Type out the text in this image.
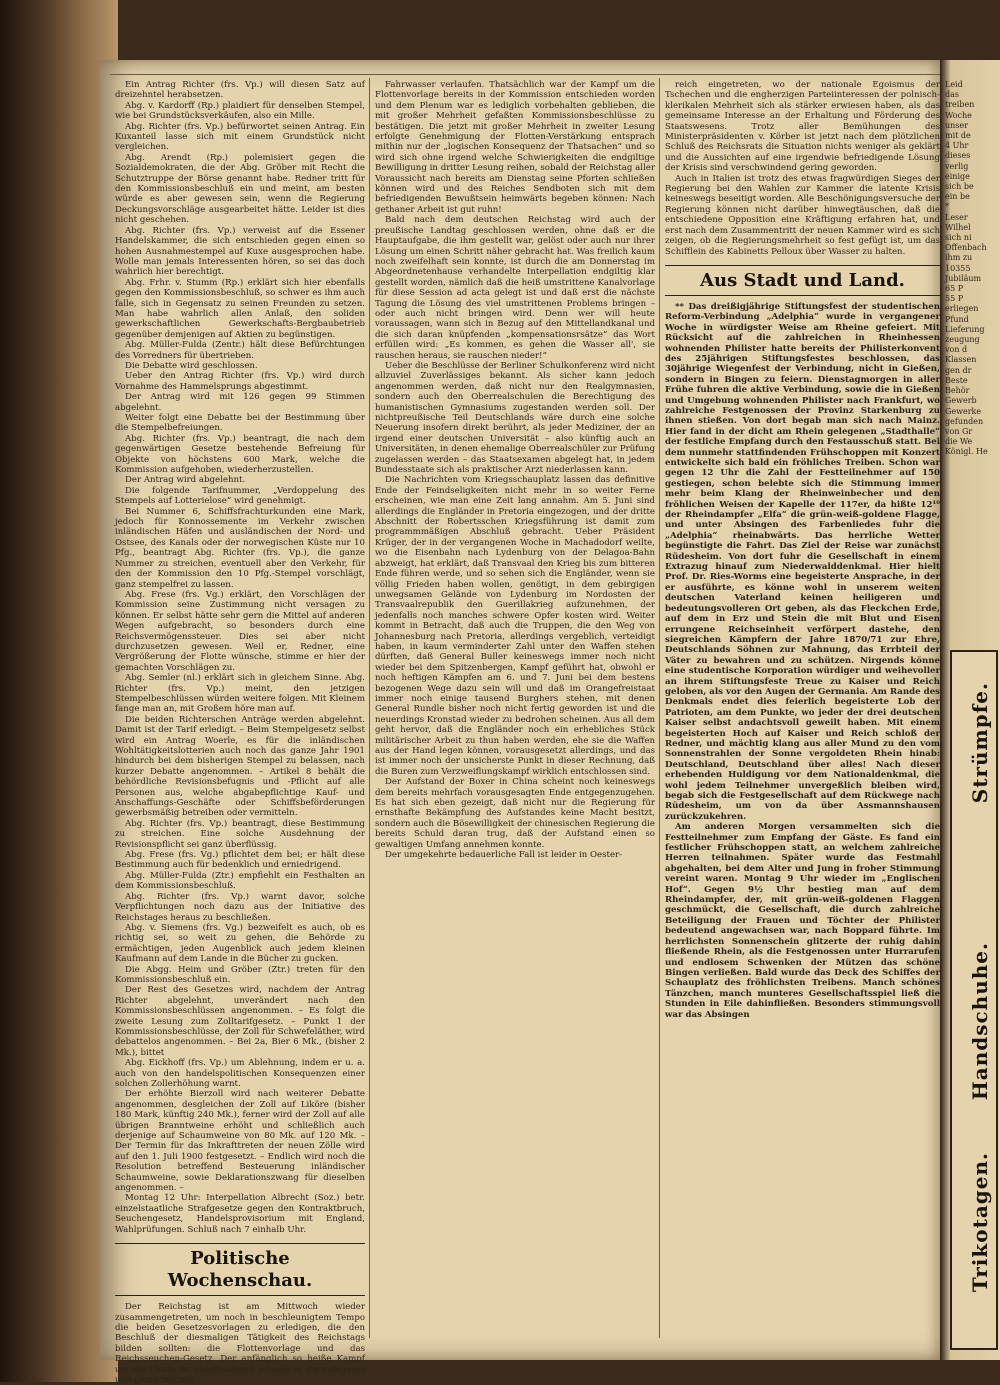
Ein Antrag Richter (frs. Vp.) will diesen Satz auf dreizehntel herabsetzen.

Abg. v. Kardorff (Rp.) plaidiert für denselben Stempel, wie bei Grundstücksverkäufen, also ein Mille.

Abg. Richter (frs. Vp.) befürwortet seinen Antrag. Ein Kuxanteil lasse sich mit einem Grundstück nicht vergleichen.

Abg. Arendt (Rp.) polemisiert gegen die Sozialdemokraten, die der Abg. Gröber mit Recht die Schutztruppe der Börse genannt habe. Redner tritt für den Kommissionsbeschluß ein und meint, am besten würde es aber gewesen sein, wenn die Regierung Deckungsvorschläge ausgearbeitet hätte. Leider ist dies nicht geschehen.

Abg. Richter (frs. Vp.) verweist auf die Essener Handelskammer, die sich entschieden gegen einen so hohen Ausnahmestempel auf Kuxe ausgesprochen habe. Wolle man jemals Interessenten hören, so sei das doch wahrlich hier berechtigt.

Abg. Frhr. v. Stumm (Rp.) erklärt sich hier ebenfalls gegen den Kommissionsbeschluß, so schwer es ihm auch falle, sich in Gegensatz zu seinen Freunden zu setzen. Man habe wahrlich allen Anlaß, den soliden gewerkschaftlichen Gewerkschafts-Bergbaubetrieb gegenüber demjenigen auf Aktien zu begünstigen.

Abg. Müller-Fulda (Zentr.) hält diese Befürchtungen des Vorredners für übertrieben.

Die Debatte wird geschlossen.

Ueber den Antrag Richter (frs. Vp.) wird durch Vornahme des Hammelsprungs abgestimmt.

Der Antrag wird mit 126 gegen 99 Stimmen abgelehnt.

Weiter folgt eine Debatte bei der Bestimmung über die Stempelbefreiungen.

Abg. Richter (frs. Vp.) beantragt, die nach dem gegenwärtigen Gesetze bestehende Befreiung für Objekte von höchstens 600 Mark, welche die Kommission aufgehoben, wiederherzustellen.

Der Antrag wird abgelehnt.

Die folgende Tarifnummer, „Verdoppelung des Stempels auf Lotterielose“ wird genehmigt.

Bei Nummer 6, Schiffsfrachturkunden eine Mark, jedoch für Konnossemente im Verkehr zwischen inländischen Häfen und ausländischen der Nord- und Ostsee, des Kanals oder der norwegischen Küste nur 10 Pfg., beantragt Abg. Richter (frs. Vp.), die ganze Nummer zu streichen, eventuell aber den Verkehr, für den der Kommission den 10 Pfg.-Stempel vorschlägt, ganz stempelfrei zu lassen.

Abg. Frese (frs. Vg.) erklärt, den Vorschlägen der Kommission seine Zustimmung nicht versagen zu können. Er selbst hätte sehr gern die Mittel auf anderen Wegen aufgebracht, so besonders durch eine Reichsvermögenssteuer. Dies sei aber nicht durchzusetzen gewesen. Weil er, Redner, eine Vergrößerung der Flotte wünsche, stimme er hier der gemachten Vorschlägen zu.

Abg. Semler (nl.) erklärt sich in gleichem Sinne. Abg. Richter (frs. Vp.) meint, den jetzigen Stempelbeschlüssen würden weitere folgen. Mit Kleinem fange man an, mit Großem höre man auf.

Die beiden Richterschen Anträge werden abgelehnt. Damit ist der Tarif erledigt. – Beim Stempelgesetz selbst wird ein Antrag Woerle, es für die inländischen Wohltätigkeitslotterien auch noch das ganze Jahr 1901 hindurch bei dem bisherigen Stempel zu belassen, nach kurzer Debatte angenommen. – Artikel 8 behält die behördliche Revisionsbefugnis und -Pflicht auf alle Personen aus, welche abgabepflichtige Kauf- und Anschaffungs-Geschäfte oder Schiffsbeförderungen gewerbsmäßig betreiben oder vermitteln.

Abg. Richter (frs. Vp.) beantragt, diese Bestimmung zu streichen. Eine solche Ausdehnung der Revisionspflicht sei ganz überflüssig.

Abg. Frese (frs. Vg.) pflichtet dem bei; er hält diese Bestimmung auch für bedenklich und erniedrigend.

Abg. Müller-Fulda (Ztr.) empfiehlt ein Festhalten an dem Kommissionsbeschluß.

Abg. Richter (frs. Vp.) warnt davor, solche Verpflichtungen noch dazu aus der Initiative des Reichstages heraus zu beschließen.

Abg. v. Siemens (frs. Vg.) bezweifelt es auch, ob es richtig sei, so weit zu gehen, die Behörde zu ermächtigen, jeden Augenblick auch jedem kleinen Kaufmann auf dem Lande in die Bücher zu gucken.

Die Abgg. Heim und Gröber (Ztr.) treten für den Kommissionsbeschluß ein.

Der Rest des Gesetzes wird, nachdem der Antrag Richter abgelehnt, unverändert nach den Kommissionsbeschlüssen angenommen. – Es folgt die zweite Lesung zum Zolltarifgesetz. – Punkt 1 der Kommissionsbeschlüsse, der Zoll für Schwefeläther, wird debattelos angenommen. – Bei 2a, Bier 6 Mk., (bisher 2 Mk.), bittet

Abg. Eickhoff (frs. Vp.) um Ablehnung, indem er u. a. auch von den handelspolitischen Konsequenzen einer solchen Zollerhöhung warnt.

Der erhöhte Bierzoll wird nach weiterer Debatte angenommen, desgleichen der Zoll auf Liköre (bisher 180 Mark, künftig 240 Mk.), ferner wird der Zoll auf alle übrigen Branntweine erhöht und schließlich auch derjenige auf Schaumweine von 80 Mk. auf 120 Mk. – Der Termin für das Inkrafttreten der neuen Zölle wird auf den 1. Juli 1900 festgesetzt. – Endlich wird noch die Resolution betreffend Besteuerung inländischer Schaumweine, sowie Deklarationszwang für dieselben angenommen. –

Montag 12 Uhr: Interpellation Albrecht (Soz.) betr. einzelstaatliche Strafgesetze gegen den Kontraktbruch, Seuchengesetz, Handelsprovisorium mit England, Wahlprüfungen. Schluß nach 7 einhalb Uhr.

Politische Wochenschau.

Der Reichstag ist am Mittwoch wieder zusammengetreten, um noch in beschleunigtem Tempo die beiden Gesetzesvorlagen zu erledigen, die den Beschluß der diesmaligen Tätigkeit des Reichstags bilden sollten: die Flottenvorlage und das Reichsseuchen-Gesetz. Der anfänglich so heiße Kampf um die Flotte ist überraschend schnell in ein ruhigeres und gemächliches

Fahrwasser verlaufen. Thatsächlich war der Kampf um die Flottenvorlage bereits in der Kommission entschieden worden und dem Plenum war es lediglich vorbehalten geblieben, die mit großer Mehrheit gefaßten Kommissionsbeschlüsse zu bestätigen. Die jetzt mit großer Mehrheit in zweiter Lesung erfolgte Genehmigung der Flotten-Verstärkung entsprach mithin nur der „logischen Konsequenz der Thatsachen“ und so wird sich ohne irgend welche Schwierigkeiten die endgiltige Bewilligung in dritter Lesung reihen, sobald der Reichstag aller Voraussicht nach bereits am Dienstag seine Pforten schließen können wird und des Reiches Sendboten sich mit dem befriedigenden Bewußtsein heimwärts begeben können: Nach gethaner Arbeit ist gut ruhn!

Bald nach dem deutschen Reichstag wird auch der preußische Landtag geschlossen werden, ohne daß er die Hauptaufgabe, die ihm gestellt war, gelöst oder auch nur ihrer Lösung um einen Schritt näher gebracht hat. Was freilich kaum noch zweifelhaft sein konnte, ist durch die am Donnerstag im Abgeordnetenhause verhandelte Interpellation endgiltig klar gestellt worden, nämlich daß die heiß umstrittene Kanalvorlage für diese Session ad acta gelegt ist und daß erst die nächste Tagung die Lösung des viel umstrittenen Problems bringen – oder auch nicht bringen wird. Denn wer will heute voraussagen, wann sich in Bezug auf den Mittellandkanal und die sich daran knüpfenden „kompensationsrsätze“ das Wort erfüllen wird: „Es kommen, es gehen die Wasser all', sie rauschen heraus, sie rauschen nieder!“

Ueber die Beschlüsse der Berliner Schulkonferenz wird nicht allzuviel Zuverlässiges bekannt. Als sicher kann jedoch angenommen werden, daß nicht nur den Realgymnasien, sondern auch den Oberrealschulen die Berechtigung des humanistischen Gymnasiums zugestanden werden soll. Der nichtpreußische Teil Deutschlands wäre durch eine solche Neuerung insofern direkt berührt, als jeder Mediziner, der an irgend einer deutschen Universität – also künftig auch an Universitäten, in denen ehemalige Oberrealschüler zur Prüfung zugelassen werden – das Staatsexamen abgelegt hat, in jedem Bundesstaate sich als praktischer Arzt niederlassen kann.

Die Nachrichten vom Kriegsschauplatz lassen das definitive Ende der Feindseligkeiten nicht mehr in so weiter Ferne erscheinen, wie man eine Zeit lang annahm. Am 5. Juni sind allerdings die Engländer in Pretoria eingezogen, und der dritte Abschnitt der Robertsschen Kriegsführung ist damit zum programmmäßigen Abschluß gebracht. Ueber Präsident Krüger, der in der vergangenen Woche in Machadodorf weilte, wo die Eisenbahn nach Lydenburg von der Delagoa-Bahn abzweigt, hat erklärt, daß Transvaal den Krieg bis zum bitteren Ende führen werde, und so sehen sich die Engländer, wenn sie völlig Frieden haben wollen, genötigt, in dem gebirgigen unwegsamen Gelände von Lydenburg im Nordosten der Transvaalrepublik den Guerillakrieg aufzunehmen, der jedenfalls noch manches schwere Opfer kosten wird. Weiter kommt in Betracht, daß auch die Truppen, die den Weg von Johannesburg nach Pretoria, allerdings vergeblich, verteidigt haben, in kaum verminderter Zahl unter den Waffen stehen dürften, daß General Buller keineswegs immer noch nicht wieder bei dem Spitzenbergen, Kampf geführt hat, obwohl er noch heftigen Kämpfen am 6. und 7. Juni bei dem bestens bezogenen Wege dazu sein will und daß im Orangefreistaat immer noch einige tausend Burghers stehen, mit denen General Rundle bisher noch nicht fertig geworden ist und die neuerdings Kronstad wieder zu bedrohen scheinen. Aus all dem geht hervor, daß die Engländer noch ein erhebliches Stück militärischer Arbeit zu thun haben werden, ehe sie die Waffen aus der Hand legen können, vorausgesetzt allerdings, und das ist immer noch der unsicherste Punkt in dieser Rechnung, daß die Buren zum Verzweiflungskampf wirklich entschlossen sind.

Der Aufstand der Boxer in China scheint noch keineswegs dem bereits mehrfach vorausgesagten Ende entgegenzugehen. Es hat sich eben gezeigt, daß nicht nur die Regierung für ernsthafte Bekämpfung des Aufstandes keine Macht besitzt, sondern auch die Bösewilligkeit der chinesischen Regierung die bereits Schuld daran trug, daß der Aufstand einen so gewaltigen Umfang annehmen konnte.

Der umgekehrte bedauerliche Fall ist leider in Oester-

reich eingetreten, wo der nationale Egoismus der Tschechen und die engherzigen Parteiinteressen der polnisch-klerikalen Mehrheit sich als stärker erwiesen haben, als das gemeinsame Interesse an der Erhaltung und Förderung des Staatswesens. Trotz aller Bemühungen des Ministerpräsidenten v. Körber ist jetzt nach dem plötzlichen Schluß des Reichsrats die Situation nichts weniger als geklärt und die Aussichten auf eine irgendwie befriedigende Lösung der Krisis sind verschwindend gering geworden.

Auch in Italien ist trotz des etwas fragwürdigen Sieges der Regierung bei den Wahlen zur Kammer die latente Krisis keineswegs beseitigt worden. Alle Beschönigungsversuche der Regierung können nicht darüber hinwegtäuschen, daß die entschiedene Opposition eine Kräftigung erfahren hat, und erst nach dem Zusammentritt der neuen Kammer wird es sich zeigen, ob die Regierungsmehrheit so fest gefügt ist, um das Schifflein des Kabinetts Pelloux über Wasser zu halten.

Aus Stadt und Land.

** Das dreißigjährige Stiftungsfest der studentischen Reform-Verbindung „Adelphia“ wurde in vergangener Woche in würdigster Weise am Rheine gefeiert. Mit Rücksicht auf die zahlreichen in Rheinhessen wohnenden Philister hatte bereits der Philisterkonvent des 25jährigen Stiftungsfestes beschlossen, das 30jährige Wiegenfest der Verbindung, nicht in Gießen, sondern in Bingen zu feiern. Dienstagmorgen in aller Frühe fuhren die aktive Verbindung, sowie die in Gießen und Umgebung wohnenden Philister nach Frankfurt, wo zahlreiche Festgenossen der Provinz Starkenburg zu ihnen stießen. Von dort begab man sich nach Mainz. Hier fand in der dicht am Rhein gelegenen „Stadthalle“ der festliche Empfang durch den Festausschuß statt. Bei dem nunmehr stattfindenden Frühschoppen mit Konzert entwickelte sich bald ein fröhliches Treiben. Schon war gegen 12 Uhr die Zahl der Festteilnehmer auf 150 gestiegen, schon belebte sich die Stimmung immer mehr beim Klang der Rheinweinbecher und den fröhlichen Weisen der Kapelle der 117er, da hißte 12¹⁰ der Rheindampfer „Elfa“ die grün-weiß-goldene Flagge, und unter Absingen des Farbenliedes fuhr die „Adelphia“ rheinabwärts. Das herrliche Wetter begünstigte die Fahrt. Das Ziel der Reise war zunächst Rüdesheim. Von dort fuhr die Gesellschaft in einem Extrazug hinauf zum Niederwalddenkmal. Hier hielt Prof. Dr. Ries-Worms eine begeisterte Ansprache, in der er ausführte, es könne wohl in unserem weiten deutschen Vaterland keinen heiligeren und bedeutungsvolleren Ort geben, als das Fleckchen Erde, auf dem in Erz und Stein die mit Blut und Eisen errungene Reichseinheit verförpert dastehe, den siegreichen Kämpfern der Jahre 1870/71 zur Ehre, Deutschlands Söhnen zur Mahnung, das Errbteil der Väter zu bewahren und zu schützen. Nirgends könne eine studentische Korporation würdiger und weihevoller an ihrem Stiftungsfeste Treue zu Kaiser und Reich geloben, als vor den Augen der Germania. Am Rande des Denkmals endet dies feierlich begeisterte Lob der Patrioten, am dem Punkte, wo jeder der drei deutschen Kaiser selbst andachtsvoll geweilt haben. Mit einem begeisterten Hoch auf Kaiser und Reich schloß der Redner, und mächtig klang aus aller Mund zu den vom Sonnenstrahlen der Sonne vergoldeten Rhein hinab: Deutschland, Deutschland über alles! Nach dieser erhebenden Huldigung vor dem Nationaldenkmal, die wohl jedem Teilnehmer unvergeßlich bleiben wird, begab sich die Festgesellschaft auf dem Rückwege nach Rüdesheim, um von da über Assmannshausen zurückzukehren.

Am anderen Morgen versammelten sich die Festteilnehmer zum Empfang der Gäste. Es fand ein festlicher Frühschoppen statt, an welchem zahlreiche Herren teilnahmen. Später wurde das Festmahl abgehalten, bei dem Alter und Jung in froher Stimmung vereint waren. Montag 9 Uhr wieder im „Englischen Hof“. Gegen 9½ Uhr bestieg man auf dem Rheindampfer, der, mit grün-weiß-goldenen Flaggen geschmückt, die Gesellschaft, die durch zahlreiche Beteiligung der Frauen und Töchter der Philister bedeutend angewachsen war, nach Boppard führte. Im herrlichsten Sonnenschein glitzerte der ruhig dahin fließende Rhein, als die Festgenossen unter Hurrarufen und endlosem Schwenken der Mützen das schöne Bingen verließen. Bald wurde das Deck des Schiffes der Schauplatz des fröhlichsten Treibens. Manch schönes Tänzchen, manch munteres Gesellschaftsspiel ließ die Stunden in Eile dahinfließen. Besonders stimmungsvoll war das Absingen

Leid
das
treiben
Woche
unser
mit de
4 Uhr
dieses
verlig
einige
sich be
ein be
*
Leser
Wilhel
sich ni
Offenbach
ihm zu
10355
Jubiläum
65 P
55 P
erliegen
Pfund
Lieferung
zeugung
von d
Klassen
gen dr
Beste
Behör
Gewerb
Gewerke
gefunden
von Gr
die We
Königl. He
Strümpfe.
Handschuhe.
Trikotagen.
